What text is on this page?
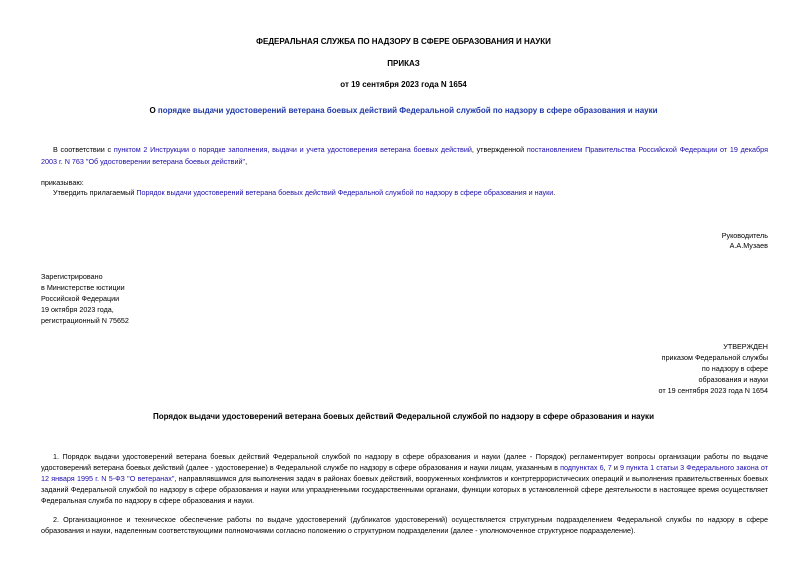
ФЕДЕРАЛЬНАЯ СЛУЖБА ПО НАДЗОРУ В СФЕРЕ ОБРАЗОВАНИЯ И НАУКИ
ПРИКАЗ
от 19 сентября 2023 года N 1654
О порядке выдачи удостоверений ветерана боевых действий Федеральной службой по надзору в сфере образования и науки
В соответствии с пунктом 2 Инструкции о порядке заполнения, выдачи и учета удостоверения ветерана боевых действий, утвержденной постановлением Правительства Российской Федерации от 19 декабря 2003 г. N 763 "Об удостоверении ветерана боевых действий",
приказываю:
Утвердить прилагаемый Порядок выдачи удостоверений ветерана боевых действий Федеральной службой по надзору в сфере образования и науки.
Руководитель
А.А.Музаев
Зарегистрировано
в Министерстве юстиции
Российской Федерации
19 октября 2023 года,
регистрационный N 75652
УТВЕРЖДЕН
приказом Федеральной службы
по надзору в сфере
образования и науки
от 19 сентября 2023 года N 1654
Порядок выдачи удостоверений ветерана боевых действий Федеральной службой по надзору в сфере образования и науки
1. Порядок выдачи удостоверений ветерана боевых действий Федеральной службой по надзору в сфере образования и науки (далее - Порядок) регламентирует вопросы организации работы по выдаче удостоверений ветерана боевых действий (далее - удостоверение) в Федеральной службе по надзору в сфере образования и науки лицам, указанным в подпунктах 6, 7 и 9 пункта 1 статьи 3 Федерального закона от 12 января 1995 г. N 5-ФЗ "О ветеранах", направлявшимся для выполнения задач в районах боевых действий, вооруженных конфликтов и контртеррористических операций и выполнения правительственных боевых заданий Федеральной службой по надзору в сфере образования и науки или упраздненными государственными органами, функции которых в установленной сфере деятельности в настоящее время осуществляет Федеральная служба по надзору в сфере образования и науки.
2. Организационное и техническое обеспечение работы по выдаче удостоверений (дубликатов удостоверений) осуществляется структурным подразделением Федеральной службы по надзору в сфере образования и науки, наделенным соответствующими полномочиями согласно положению о структурном подразделении (далее - уполномоченное структурное подразделение).
